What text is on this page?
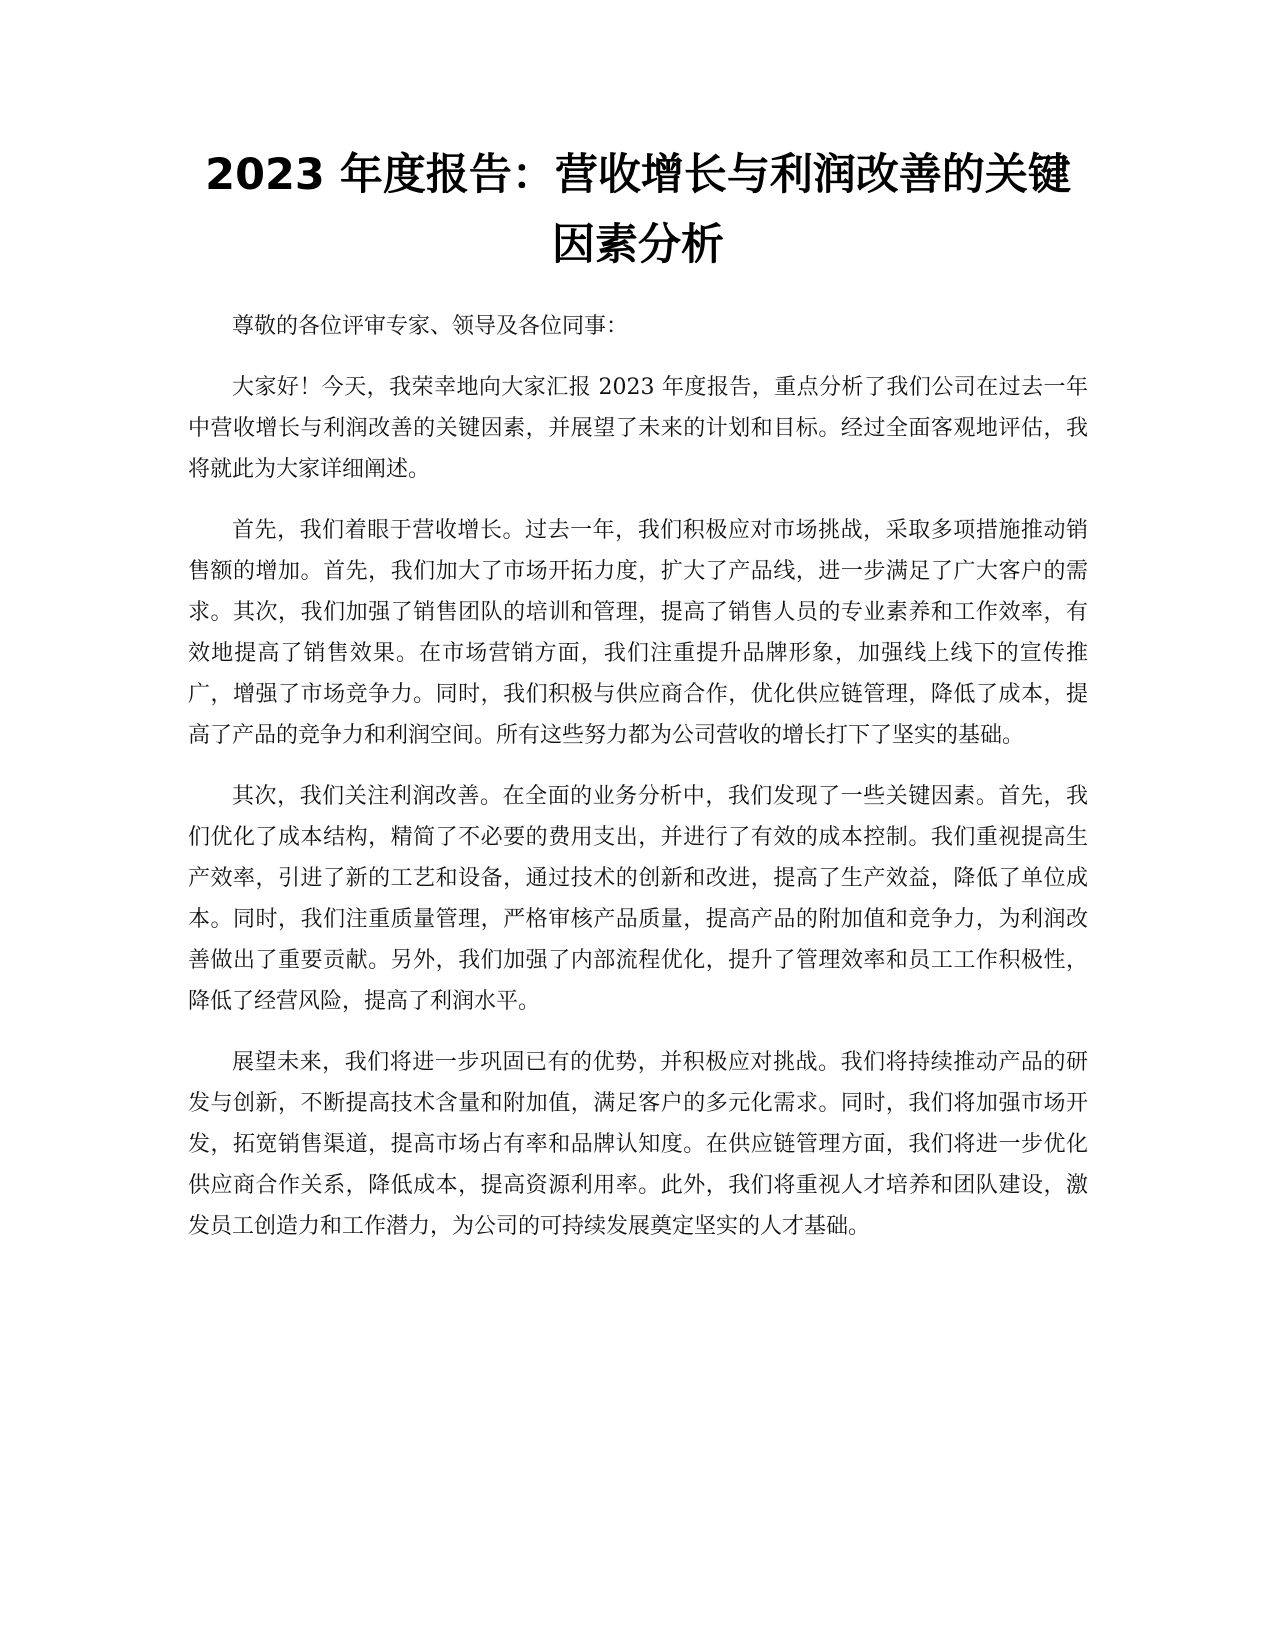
2023 年度报告：营收增长与利润改善的关键因素分析

尊敬的各位评审专家、领导及各位同事：

大家好！今天，我荣幸地向大家汇报 2023 年度报告，重点分析了我们公司在过去一年中营收增长与利润改善的关键因素，并展望了未来的计划和目标。经过全面客观地评估，我将就此为大家详细阐述。

首先，我们着眼于营收增长。过去一年，我们积极应对市场挑战，采取多项措施推动销售额的增加。首先，我们加大了市场开拓力度，扩大了产品线，进一步满足了广大客户的需求。其次，我们加强了销售团队的培训和管理，提高了销售人员的专业素养和工作效率，有效地提高了销售效果。在市场营销方面，我们注重提升品牌形象，加强线上线下的宣传推广，增强了市场竞争力。同时，我们积极与供应商合作，优化供应链管理，降低了成本，提高了产品的竞争力和利润空间。所有这些努力都为公司营收的增长打下了坚实的基础。

其次，我们关注利润改善。在全面的业务分析中，我们发现了一些关键因素。首先，我们优化了成本结构，精简了不必要的费用支出，并进行了有效的成本控制。我们重视提高生产效率，引进了新的工艺和设备，通过技术的创新和改进，提高了生产效益，降低了单位成本。同时，我们注重质量管理，严格审核产品质量，提高产品的附加值和竞争力，为利润改善做出了重要贡献。另外，我们加强了内部流程优化，提升了管理效率和员工工作积极性，降低了经营风险，提高了利润水平。

展望未来，我们将进一步巩固已有的优势，并积极应对挑战。我们将持续推动产品的研发与创新，不断提高技术含量和附加值，满足客户的多元化需求。同时，我们将加强市场开发，拓宽销售渠道，提高市场占有率和品牌认知度。在供应链管理方面，我们将进一步优化供应商合作关系，降低成本，提高资源利用率。此外，我们将重视人才培养和团队建设，激发员工创造力和工作潜力，为公司的可持续发展奠定坚实的人才基础。
